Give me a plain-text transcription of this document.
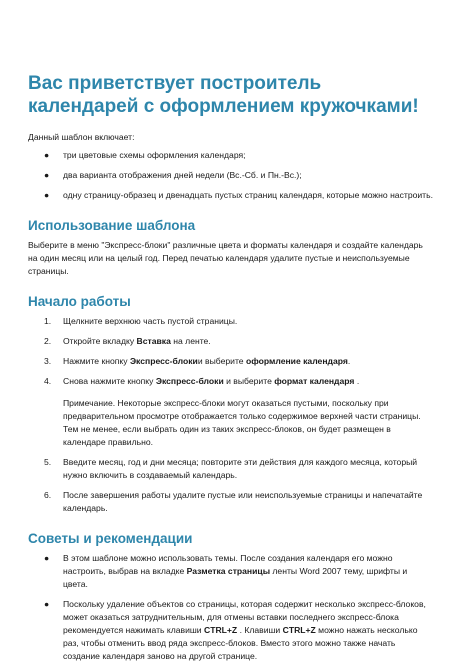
Вас приветствует построитель календарей с оформлением кружочками!

Данный шаблон включает:

● три цветовые схемы оформления календаря;
● два варианта отображения дней недели (Вс.-Сб. и Пн.-Вс.);
● одну страницу-образец и двенадцать пустых страниц календаря, которые можно настроить.
Использование шаблона

Выберите в меню "Экспресс-блоки" различные цвета и форматы календаря и создайте календарь на один месяц или на целый год. Перед печатью календаря удалите пустые и неиспользуемые страницы.

Начало работы
1. Щелкните верхнюю часть пустой страницы.
2. Откройте вкладку Вставка на ленте.
3. Нажмите кнопку Экспресс-блокии выберите оформление календаря.
4. Снова нажмите кнопку Экспресс-блоки и выберите формат календаря .

Примечание. Некоторые экспресс-блоки могут оказаться пустыми, поскольку при предварительном просмотре отображается только содержимое верхней части страницы. Тем не менее, если выбрать один из таких экспресс-блоков, он будет размещен в календаре правильно.

5. Введите месяц, год и дни месяца; повторите эти действия для каждого месяца, который нужно включить в создаваемый календарь.
6. После завершения работы удалите пустые или неиспользуемые страницы и напечатайте календарь.
Советы и рекомендации
● В этом шаблоне можно использовать темы. После создания календаря его можно настроить, выбрав на вкладке Разметка страницы ленты Word 2007 тему, шрифты и цвета.
● Поскольку удаление объектов со страницы, которая содержит несколько экспресс-блоков, может оказаться затруднительным, для отмены вставки последнего экспресс-блока рекомендуется нажимать клавиши CTRL+Z . Клавиши CTRL+Z можно нажать несколько раз, чтобы отменить ввод ряда экспресс-блоков. Вместо этого можно также начать создание календаря заново на другой странице.
